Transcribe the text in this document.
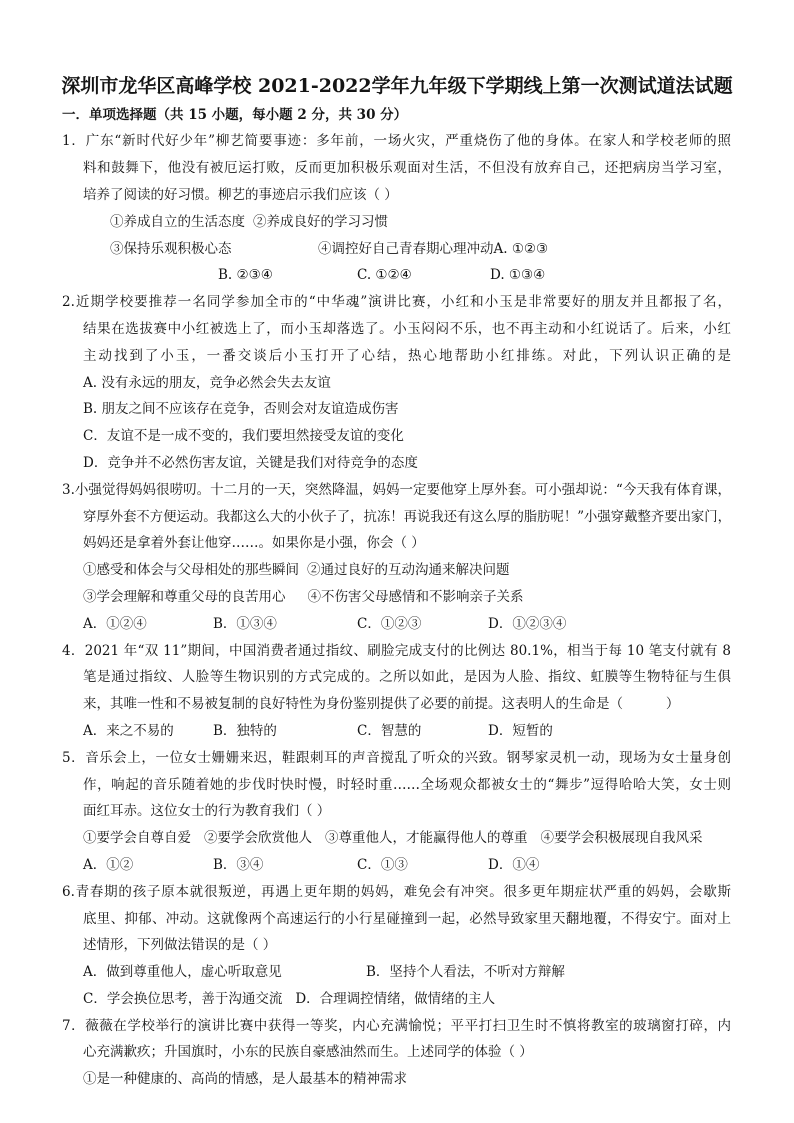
深圳市龙华区高峰学校 2021-2022学年九年级下学期线上第一次测试道法试题
一．单项选择题（共 15 小题，每小题 2 分，共 30 分）
1．广东“新时代好少年”柳艺简要事迹：多年前，一场火灾，严重烧伤了他的身体。在家人和学校老师的照
料和鼓舞下，他没有被厄运打败，反而更加积极乐观面对生活，不但没有放弃自己，还把病房当学习室，
培养了阅读的好习惯。柳艺的事迹启示我们应该（ ）
①养成自立的生活态度 ②养成良好的学习习惯
③保持乐观积极心态	④调控好自己青春期心理冲动A. ①②③
B. ②③④	C. ①②④	D. ①③④
2.近期学校要推荐一名同学参加全市的“中华魂”演讲比赛，小红和小玉是非常要好的朋友并且都报了名，
结果在选拔赛中小红被选上了，而小玉却落选了。小玉闷闷不乐，也不再主动和小红说话了。后来，小红
主动找到了小玉，一番交谈后小玉打开了心结，热心地帮助小红排练。对此，下列认识正确的是
A. 没有永远的朋友，竞争必然会失去友谊
B. 朋友之间不应该存在竞争，否则会对友谊造成伤害
C．友谊不是一成不变的，我们要坦然接受友谊的变化
D．竞争并不必然伤害友谊，关键是我们对待竞争的态度
3.小强觉得妈妈很唠叨。十二月的一天，突然降温，妈妈一定要他穿上厚外套。可小强却说：“今天我有体育课，
穿厚外套不方便运动。我都这么大的小伙子了，抗冻！再说我还有这么厚的脂肪呢！”小强穿戴整齐要出家门，
妈妈还是拿着外套让他穿……。如果你是小强，你会（ ）
①感受和体会与父母相处的那些瞬间 ②通过良好的互动沟通来解决问题
③学会理解和尊重父母的良苦用心 ④不伤害父母感情和不影响亲子关系
A．①②④	B．①③④	C．①②③	D．①②③④
4．2021 年“双 11”期间，中国消费者通过指纹、刷脸完成支付的比例达 80.1%，相当于每 10 笔支付就有 8
笔是通过指纹、人脸等生物识别的方式完成的。之所以如此，是因为人脸、指纹、虹膜等生物特征与生俱
来，其唯一性和不易被复制的良好特性为身份鉴别提供了必要的前提。这表明人的生命是（          ）
A．来之不易的	B．独特的	C．智慧的	D．短暂的
5．音乐会上，一位女士姗姗来迟，鞋跟刺耳的声音搅乱了听众的兴致。钢琴家灵机一动，现场为女士量身创
作，响起的音乐随着她的步伐时快时慢，时轻时重……全场观众都被女士的“舞步”逗得哈哈大笑，女士则
面红耳赤。这位女士的行为教育我们（ ）
①要学会自尊自爱 ②要学会欣赏他人 ③尊重他人，才能赢得他人的尊重 ④要学会积极展现自我风采
A．①②	B．③④	C．①③	D．①④
6.青春期的孩子原本就很叛逆，再遇上更年期的妈妈，难免会有冲突。很多更年期症状严重的妈妈，会歇斯
底里、抑郁、冲动。这就像两个高速运行的小行星碰撞到一起，必然导致家里天翻地覆，不得安宁。面对上
述情形，下列做法错误的是（ ）
A．做到尊重他人，虚心听取意见	B．坚持个人看法，不听对方辩解
C．学会换位思考，善于沟通交流 D．合理调控情绪，做情绪的主人
7．薇薇在学校举行的演讲比赛中获得一等奖，内心充满愉悦；平平打扫卫生时不慎将教室的玻璃窗打碎，内
心充满歉疚；升国旗时，小东的民族自豪感油然而生。上述同学的体验（ ）
①是一种健康的、高尚的情感，是人最基本的精神需求
